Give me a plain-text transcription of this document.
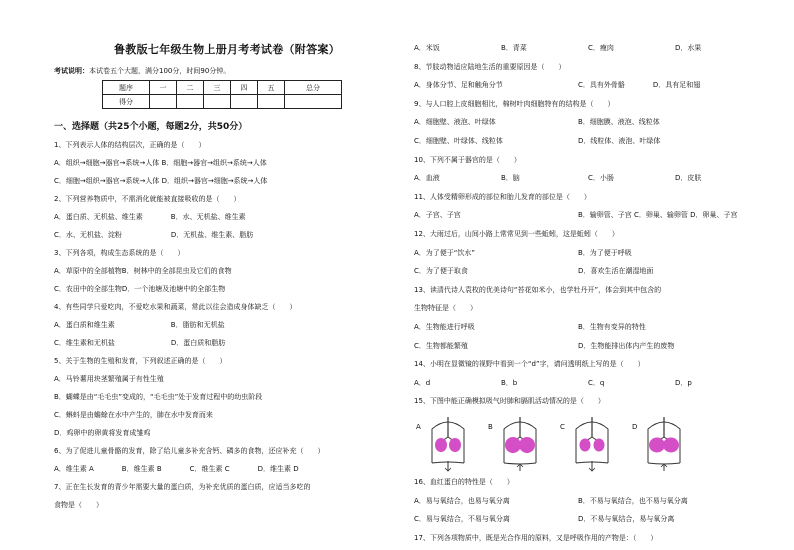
鲁教版七年级生物上册月考考试卷（附答案）
考试说明：本试卷五个大题，满分100分，时间90分钟。
题序	一	二	三	四	五	总分
得分						
一、选择题（共25个小题，每题2分，共50分）
1、下列表示人体的结构层次，正确的是（　　）
A．组织→细胞→器官→系统→人体 B．细胞→器官→组织→系统→人体
C．细胞→组织→器官→系统→人体 D．组织→器官→细胞→系统→人体
2、下列营养物质中，不需消化就能被直接吸收的是（　　）
A．蛋白质、无机盐、维生素　　　　B．水、无机盐、维生素
C．水、无机盐、淀粉　　　　　　　D．无机盐、维生素、脂肪
3、下列各项，构成生态系统的是（　　）
A．草原中的全部植物B．树林中的全部昆虫及它们的食物
C．农田中的全部生物D．一个池塘及池塘中的全部生物
4、有些同学只爱吃肉，不爱吃水果和蔬菜，常此以往会造成身体缺乏（　　）
A．蛋白质和维生素　　　　　　　　B．脂肪和无机盐
C．维生素和无机盐　　　　　　　　D．蛋白质和脂肪
5、关于生物的生殖和发育，下列叙述正确的是（　　）
A．马铃薯用块茎繁殖属于有性生殖
B．蝴蝶是由“毛毛虫”变成的，“毛毛虫”处于发育过程中的幼虫阶段
C．蝌蚪是由蟾蜍在水中产生的，肺在水中发育而来
D．鸡卵中的卵黄将发育成雏鸡
6、为了促进儿童骨骼的发育，除了给儿童多补充含钙、磷多的食物，还应补充（　　）
A．维生素 A　　　　B．维生素 B　　　　C．维生素 C　　　　D．维生素 D
7、正在生长发育的青少年需要大量的蛋白质，为补充优质的蛋白质，应适当多吃的
食物是（　　）
A．米饭	B．青菜	C．瘦肉	D．水果
8、节肢动物适应陆地生活的重要原因是（　　）
A．身体分节、足和触角分节	C．具有外骨骼　　　　D．具有足和翅
9、与人口腔上皮细胞相比，棉树叶肉细胞特有的结构是（　　）
A．细胞壁、液泡、叶绿体	B．细胞膜、液泡、线粒体
C．细胞壁、叶绿体、线粒体	D．线粒体、液泡、叶绿体
10、下列不属于器官的是（　　）
A．血液	B．脑	C．小肠	D．皮肤
11、人体受精卵形成的部位和胎儿发育的部位是（　　）
A．子宫、子宫	B．输卵管、子宫 C．卵巢、输卵管 D．卵巢、子宫
12、大雨过后，山间小路上常常见到一些蚯蚓，这是蚯蚓（　　）
A．为了便于“饮水”	B．为了便于呼吸
C．为了便于取食	D．喜欢生活在潮湿地面
13、读清代诗人袁枚的优美诗句“苔花如米小，也学牡丹开”，体会到其中包含的
生物特征是（　　）
A．生物能进行呼吸	B．生物有变异的特性
C．生物都能繁殖	D．生物能排出体内产生的废物
14、小明在显微镜的视野中看到一个“d”字，请问透明纸上写的是（　　）
A．d	B．b	C．q	D．p
15、下图中能正确模拟吸气时肺和膈肌活动情况的是（　　）
A	B	C	D
16、血红蛋白的特性是（　　）
A．易与氧结合，也易与氧分离	B．不易与氧结合，也不易与氧分离
C．易与氧结合，不易与氧分离	D．不易与氧结合，易与氧分离
17、下列各项物质中，既是光合作用的原料，又是呼吸作用的产物是：（　　）
